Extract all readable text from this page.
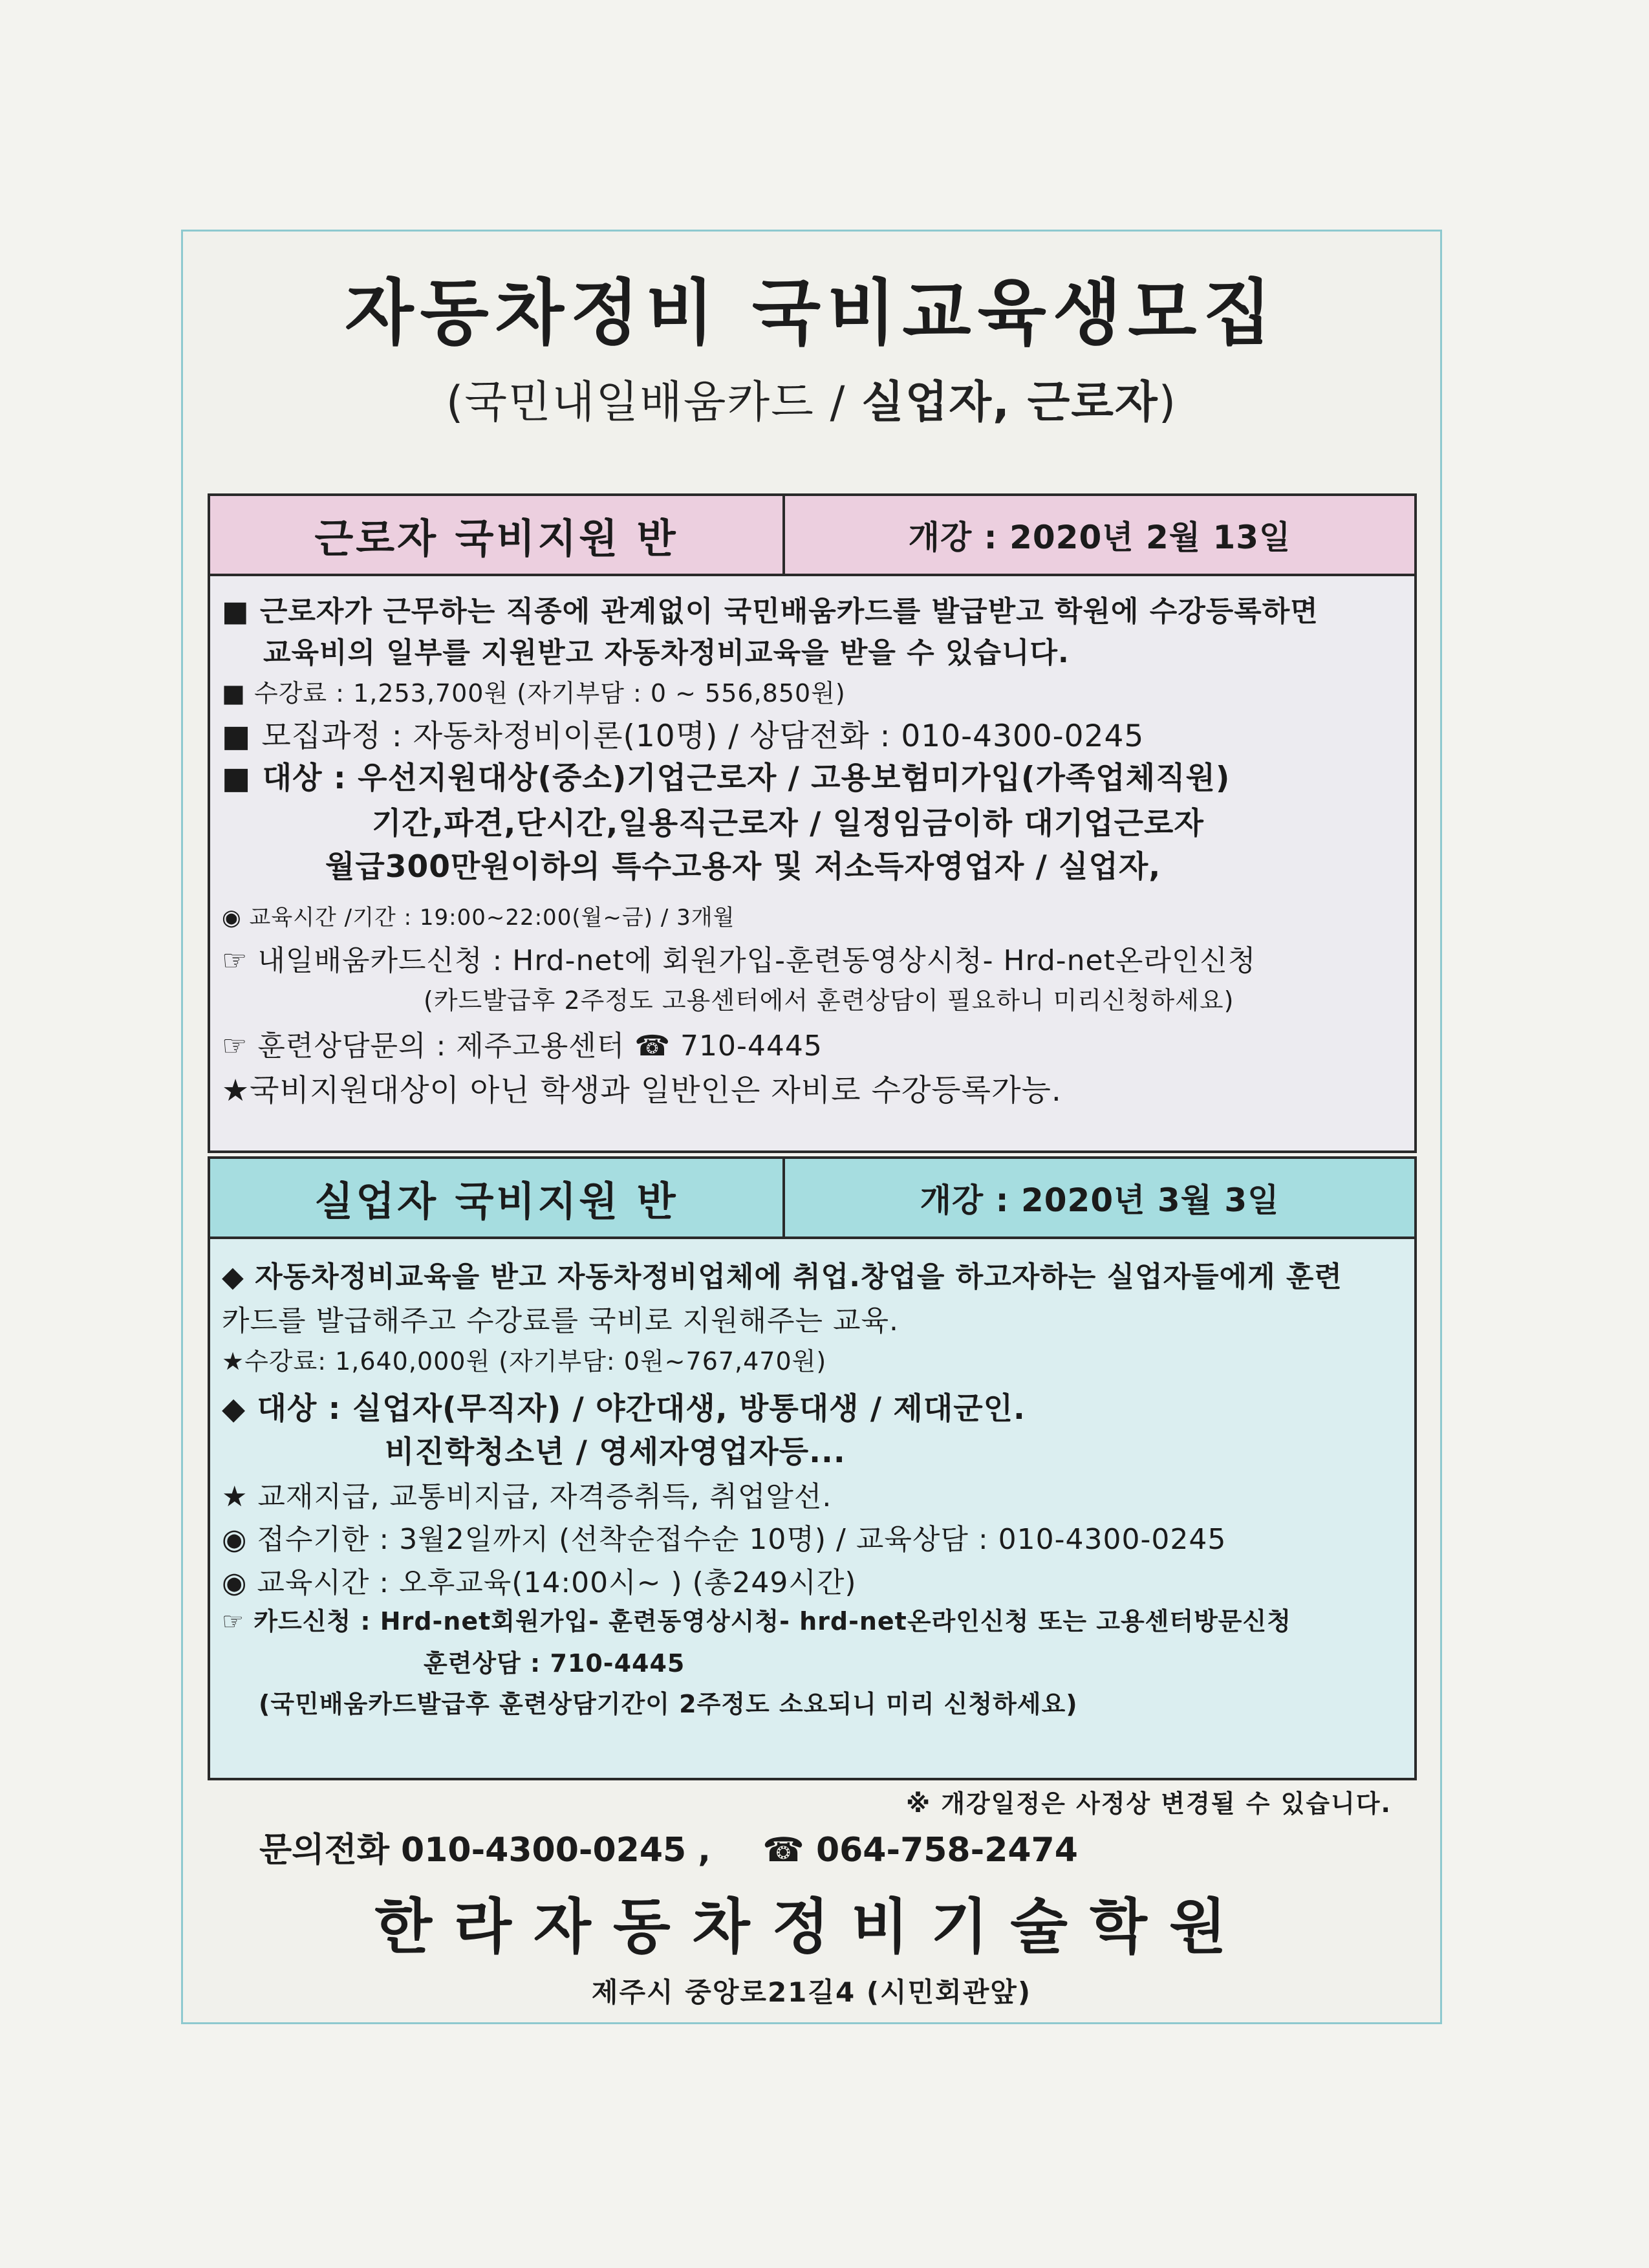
자동차정비 국비교육생모집
(국민내일배움카드 / 실업자, 근로자)
근로자 국비지원 반	개강 : 2020년 2월 13일
■ 근로자가 근무하는 직종에 관계없이 국민배움카드를 발급받고 학원에 수강등록하면
교육비의 일부를 지원받고 자동차정비교육을 받을 수 있습니다.
■ 수강료 : 1,253,700원 (자기부담 : 0 ~ 556,850원)
■ 모집과정 : 자동차정비이론(10명) / 상담전화 : 010-4300-0245
■ 대상 : 우선지원대상(중소)기업근로자 / 고용보험미가입(가족업체직원)
기간,파견,단시간,일용직근로자 / 일정임금이하 대기업근로자
월급300만원이하의 특수고용자 및 저소득자영업자 / 실업자,
◉ 교육시간 /기간 : 19:00~22:00(월~금) / 3개월
☞ 내일배움카드신청 : Hrd-net에 회원가입-훈련동영상시청- Hrd-net온라인신청
(카드발급후 2주정도 고용센터에서 훈련상담이 필요하니 미리신청하세요)
☞ 훈련상담문의 : 제주고용센터 ☎ 710-4445
★국비지원대상이 아닌 학생과 일반인은 자비로 수강등록가능.
실업자 국비지원 반	개강 : 2020년 3월 3일
◆ 자동차정비교육을 받고 자동차정비업체에 취업.창업을 하고자하는 실업자들에게 훈련
카드를 발급해주고 수강료를 국비로 지원해주는 교육.
★수강료: 1,640,000원 (자기부담: 0원~767,470원)
◆ 대상 : 실업자(무직자) / 야간대생, 방통대생 / 제대군인.
비진학청소년 / 영세자영업자등...
★ 교재지급, 교통비지급, 자격증취득, 취업알선.
◉ 접수기한 : 3월2일까지 (선착순접수순 10명) / 교육상담 : 010-4300-0245
◉ 교육시간 : 오후교육(14:00시~ ) (총249시간)
☞ 카드신청 : Hrd-net회원가입- 훈련동영상시청- hrd-net온라인신청 또는 고용센터방문신청
훈련상담 : 710-4445
(국민배움카드발급후 훈련상담기간이 2주정도 소요되니 미리 신청하세요)
※ 개강일정은 사정상 변경될 수 있습니다.
문의전화 010-4300-0245 , ☎ 064-758-2474
한라자동차정비기술학원
제주시 중앙로21길4 (시민회관앞)
